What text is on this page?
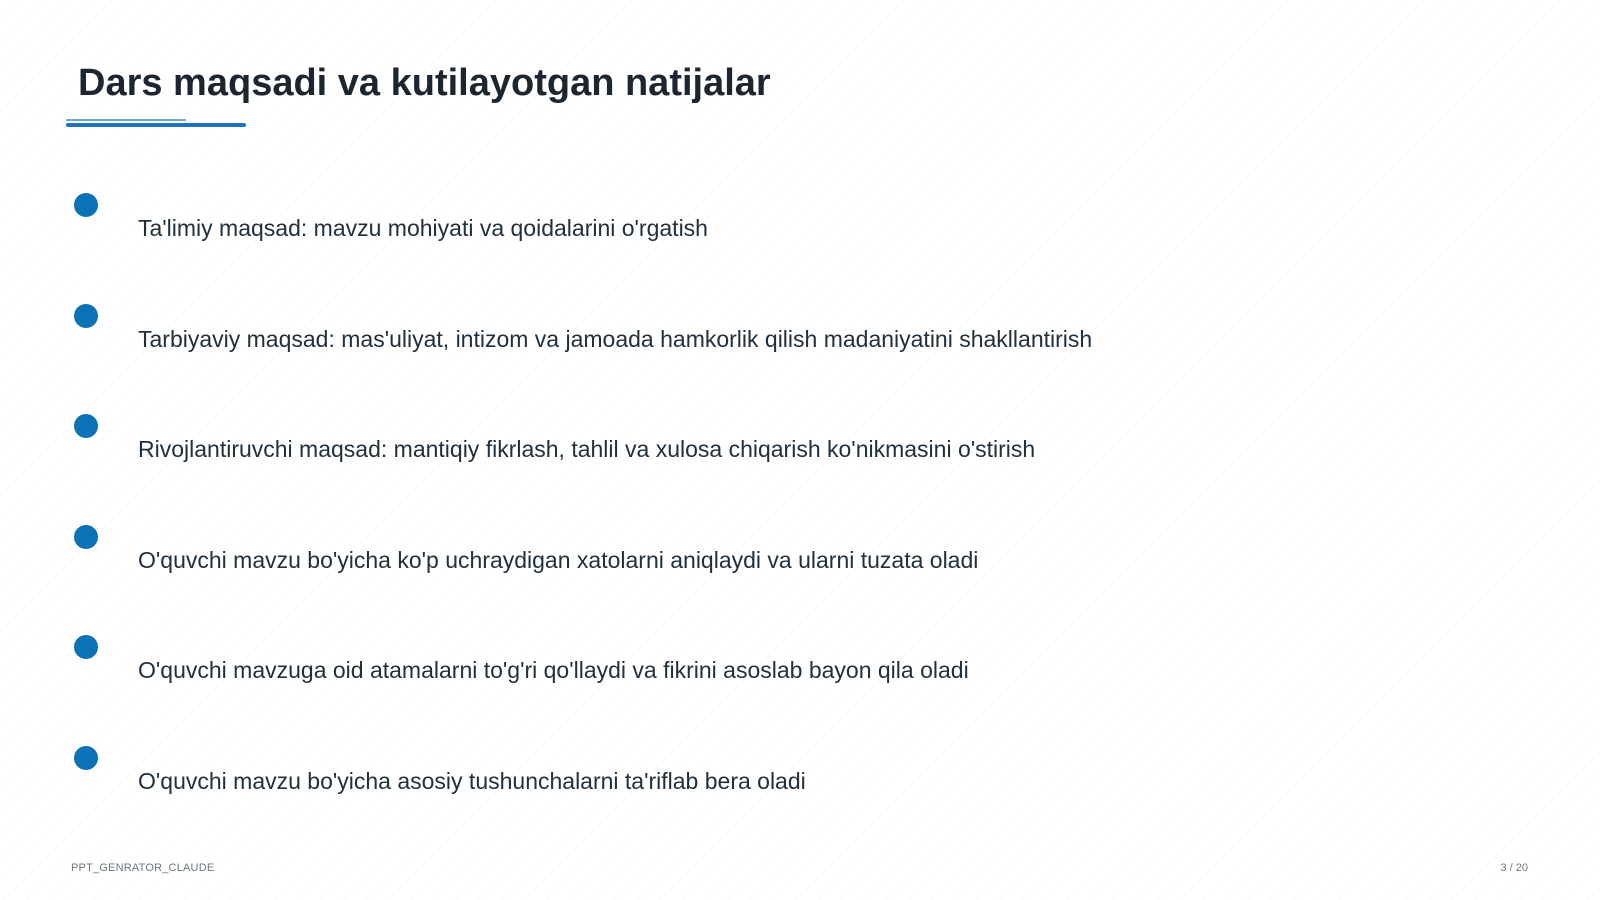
Dars maqsadi va kutilayotgan natijalar
Ta'limiy maqsad: mavzu mohiyati va qoidalarini o'rgatish
Tarbiyaviy maqsad: mas'uliyat, intizom va jamoada hamkorlik qilish madaniyatini shakllantirish
Rivojlantiruvchi maqsad: mantiqiy fikrlash, tahlil va xulosa chiqarish ko'nikmasini o'stirish
O'quvchi mavzu bo'yicha ko'p uchraydigan xatolarni aniqlaydi va ularni tuzata oladi
O'quvchi mavzuga oid atamalarni to'g'ri qo'llaydi va fikrini asoslab bayon qila oladi
O'quvchi mavzu bo'yicha asosiy tushunchalarni ta'riflab bera oladi
PPT_GENRATOR_CLAUDE	3 / 20
